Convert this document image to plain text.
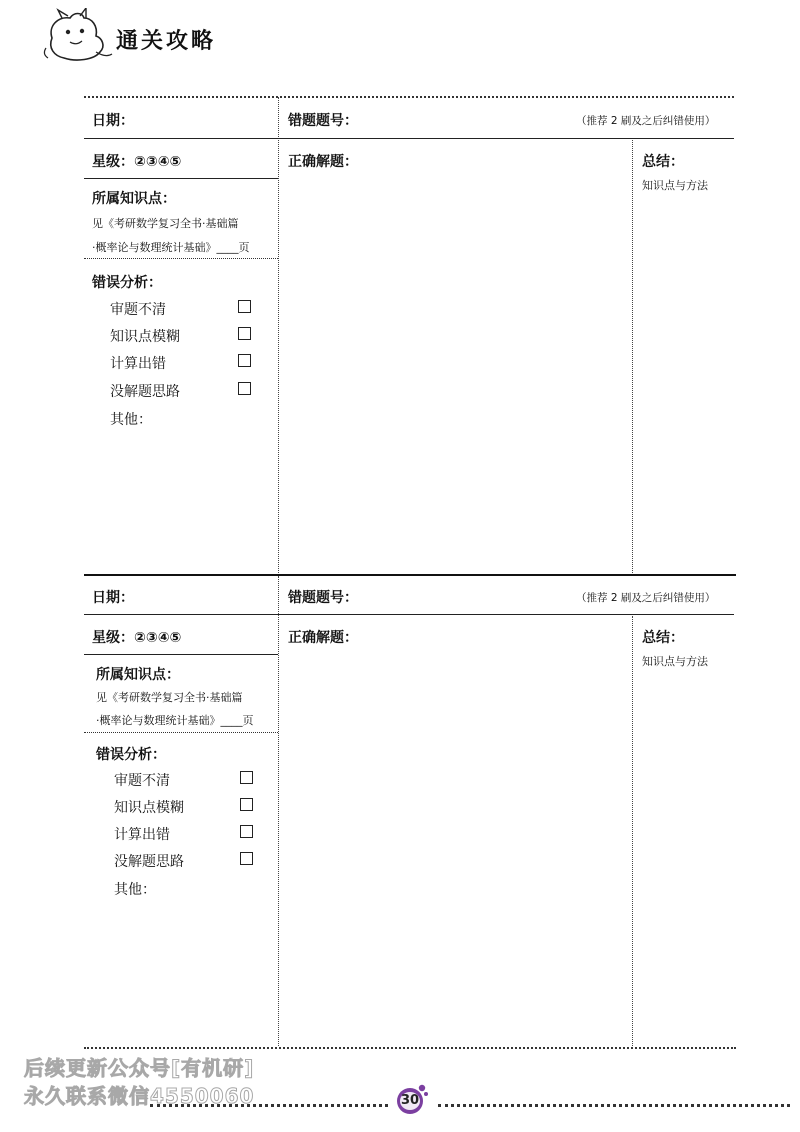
通关攻略
日期：	错题题号：	（推荐 2 刷及之后纠错使用）
星级：②③④⑤	正确解题：	总结：
知识点与方法
所属知识点：
见《考研数学复习全书·基础篇
·概率论与数理统计基础》____页
错误分析：
审题不清
知识点模糊
计算出错
没解题思路
其他：
日期：	错题题号：	（推荐 2 刷及之后纠错使用）
星级：②③④⑤	正确解题：	总结：
知识点与方法
所属知识点：
见《考研数学复习全书·基础篇
·概率论与数理统计基础》____页
错误分析：
审题不清
知识点模糊
计算出错
没解题思路
其他：
后续更新公众号[有机研]
永久联系微信4550060	30
